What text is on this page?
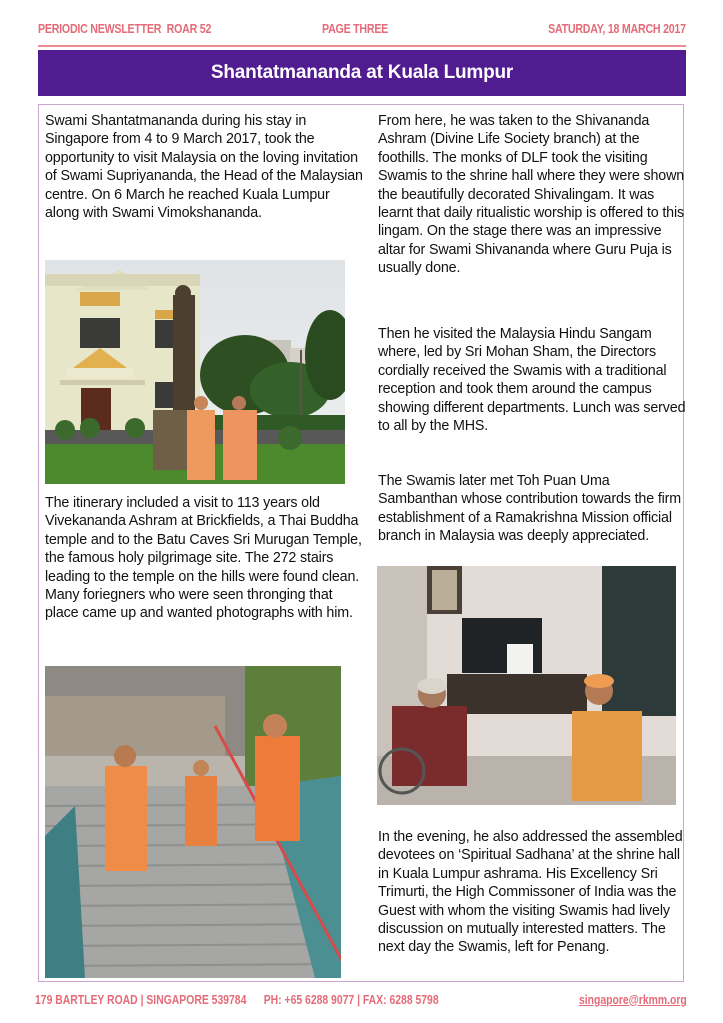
PERIODIC NEWSLETTER  ROAR 52	PAGE THREE	SATURDAY, 18 MARCH 2017
Shantatmananda at Kuala Lumpur

Swami Shantatmananda during his stay in Singapore from 4 to 9 March 2017, took the opportunity to visit Malaysia on the loving invitation of Swami Supriyananda, the Head of the Malaysian centre. On 6 March he reached Kuala Lumpur along with Swami Vimokshananda.

The itinerary included a visit to 113 years old Vivekananda Ashram at Brickfields, a Thai Buddha temple and to the Batu Caves Sri Murugan Temple, the famous holy pilgrimage site. The 272 stairs leading to the temple on the hills were found clean. Many foriegners who were seen thronging that place came up and wanted photographs with him.

From here, he was taken to the Shivananda Ashram (Divine Life Society branch) at the foothills. The monks of DLF took the visiting Swamis to the shrine hall where they were shown the beautifully decorated Shivalingam. It was learnt that daily ritualistic worship is offered to this lingam. On the stage there was an impressive altar for Swami Shivananda where Guru Puja is usually done.

Then he visited the Malaysia Hindu Sangam where, led by Sri Mohan Sham, the Directors cordially received the Swamis with a traditional reception and took them around the campus showing different departments. Lunch was served to all by the MHS.

The Swamis later met Toh Puan Uma Sambanthan whose contribution towards the firm establishment of a Ramakrishna Mission official branch in Malaysia was deeply appreciated.

In the evening, he also addressed the assembled devotees on ‘Spiritual Sadhana’ at the shrine hall in Kuala Lumpur ashrama. His Excellency Sri Trimurti, the High Commissoner of India was the Guest with whom the visiting Swamis had lively discussion on mutually interested matters. The next day the Swamis, left for Penang.

179 BARTLEY ROAD | SINGAPORE 539784      PH: +65 6288 9077 | FAX: 6288 5798	singapore@rkmm.org
